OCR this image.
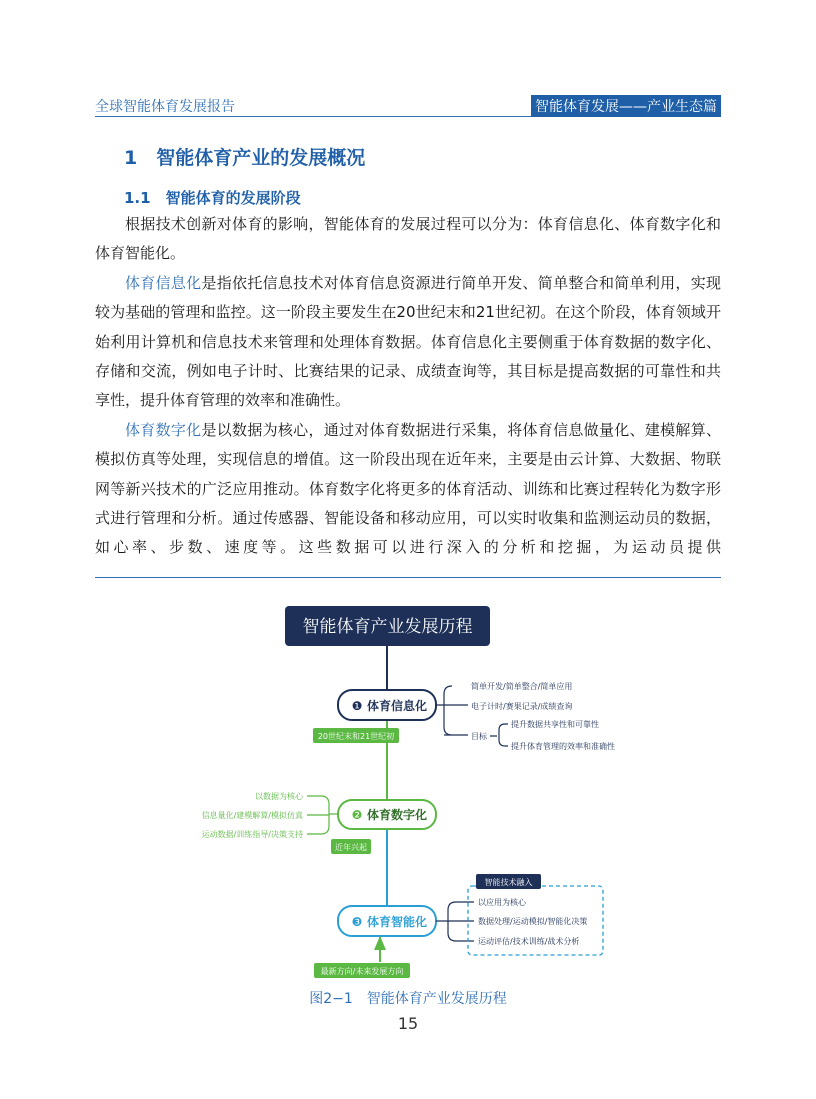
全球智能体育发展报告	智能体育发展——产业生态篇
1　智能体育产业的发展概况
1.1　智能体育的发展阶段

根据技术创新对体育的影响，智能体育的发展过程可以分为：体育信息化、体育数字化和体育智能化。

体育信息化是指依托信息技术对体育信息资源进行简单开发、简单整合和简单利用，实现较为基础的管理和监控。这一阶段主要发生在20世纪末和21世纪初。在这个阶段，体育领域开始利用计算机和信息技术来管理和处理体育数据。体育信息化主要侧重于体育数据的数字化、存储和交流，例如电子计时、比赛结果的记录、成绩查询等，其目标是提高数据的可靠性和共享性，提升体育管理的效率和准确性。

体育数字化是以数据为核心，通过对体育数据进行采集，将体育信息做量化、建模解算、模拟仿真等处理，实现信息的增值。这一阶段出现在近年来，主要是由云计算、大数据、物联网等新兴技术的广泛应用推动。体育数字化将更多的体育活动、训练和比赛过程转化为数字形式进行管理和分析。通过传感器、智能设备和移动应用，可以实时收集和监测运动员的数据，如心率、步数、速度等。这些数据可以进行深入的分析和挖掘，为运动员提供

智能体育产业发展历程
❶ 体育信息化
20世纪末和21世纪初
简单开发/简单整合/简单应用
电子计时/赛果记录/成绩查询
目标
提升数据共享性和可靠性
提升体育管理的效率和准确性
❷ 体育数字化
近年兴起
以数据为核心
信息量化/建模解算/模拟仿真
运动数据/训练指导/决策支持
❸ 体育智能化
最新方向/未来发展方向
智能技术融入
以应用为核心
数据处理/运动模拟/智能化决策
运动评估/技术训练/战术分析
图2−1　智能体育产业发展历程
15
